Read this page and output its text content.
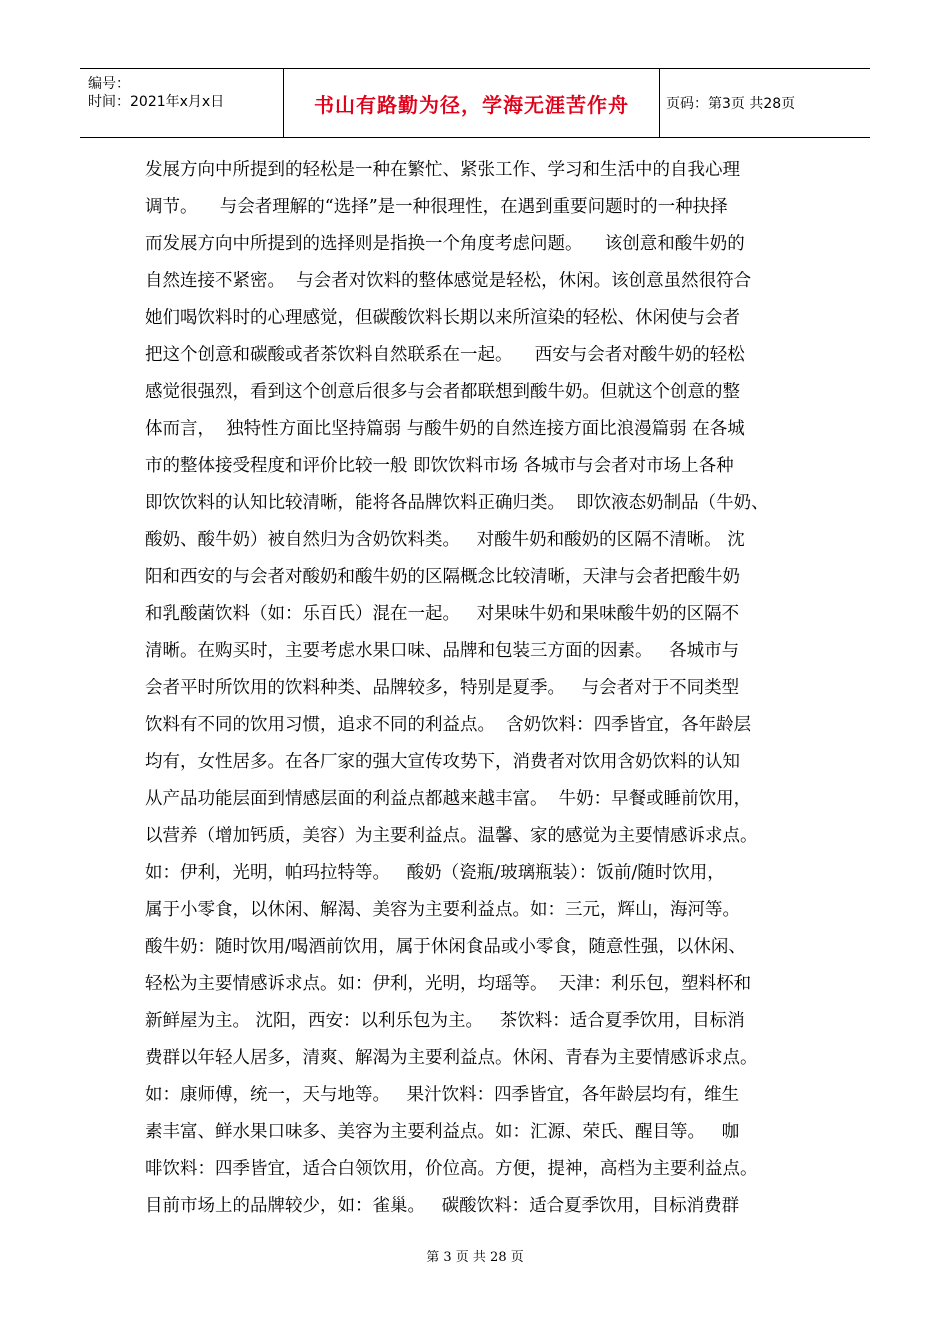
编号：
时间：2021年x月x日	书山有路勤为径，学海无涯苦作舟	页码：第3页 共28页
发展方向中所提到的轻松是一种在繁忙、紧张工作、学习和生活中的自我心理
调节。    与会者理解的“选择”是一种很理性，在遇到重要问题时的一种抉择
而发展方向中所提到的选择则是指换一个角度考虑问题。    该创意和酸牛奶的
自然连接不紧密。  与会者对饮料的整体感觉是轻松，休闲。该创意虽然很符合
她们喝饮料时的心理感觉，但碳酸饮料长期以来所渲染的轻松、休闲使与会者
把这个创意和碳酸或者茶饮料自然联系在一起。    西安与会者对酸牛奶的轻松
感觉很强烈，看到这个创意后很多与会者都联想到酸牛奶。但就这个创意的整
体而言，  独特性方面比坚持篇弱 与酸牛奶的自然连接方面比浪漫篇弱 在各城
市的整体接受程度和评价比较一般 即饮饮料市场 各城市与会者对市场上各种
即饮饮料的认知比较清晰，能将各品牌饮料正确归类。  即饮液态奶制品（牛奶、
酸奶、酸牛奶）被自然归为含奶饮料类。   对酸牛奶和酸奶的区隔不清晰。 沈
阳和西安的与会者对酸奶和酸牛奶的区隔概念比较清晰，天津与会者把酸牛奶
和乳酸菌饮料（如：乐百氏）混在一起。   对果味牛奶和果味酸牛奶的区隔不
清晰。在购买时，主要考虑水果口味、品牌和包装三方面的因素。   各城市与
会者平时所饮用的饮料种类、品牌较多，特别是夏季。   与会者对于不同类型
饮料有不同的饮用习惯，追求不同的利益点。  含奶饮料：四季皆宜，各年龄层
均有，女性居多。在各厂家的强大宣传攻势下，消费者对饮用含奶饮料的认知
从产品功能层面到情感层面的利益点都越来越丰富。  牛奶：早餐或睡前饮用，
以营养（增加钙质，美容）为主要利益点。温馨、家的感觉为主要情感诉求点。
如：伊利，光明，帕玛拉特等。   酸奶（瓷瓶/玻璃瓶装）：饭前/随时饮用，
属于小零食，以休闲、解渴、美容为主要利益点。如：三元，辉山，海河等。
酸牛奶：随时饮用/喝酒前饮用，属于休闲食品或小零食，随意性强，以休闲、
轻松为主要情感诉求点。如：伊利，光明，均瑶等。  天津：利乐包，塑料杯和
新鲜屋为主。 沈阳，西安：以利乐包为主。   茶饮料：适合夏季饮用，目标消
费群以年轻人居多，清爽、解渴为主要利益点。休闲、青春为主要情感诉求点。
如：康师傅，统一，天与地等。   果汁饮料：四季皆宜，各年龄层均有，维生
素丰富、鲜水果口味多、美容为主要利益点。如：汇源、荣氏、醒目等。   咖
啡饮料：四季皆宜，适合白领饮用，价位高。方便，提神，高档为主要利益点。
目前市场上的品牌较少，如：雀巢。   碳酸饮料：适合夏季饮用，目标消费群
第 3 页 共 28 页
